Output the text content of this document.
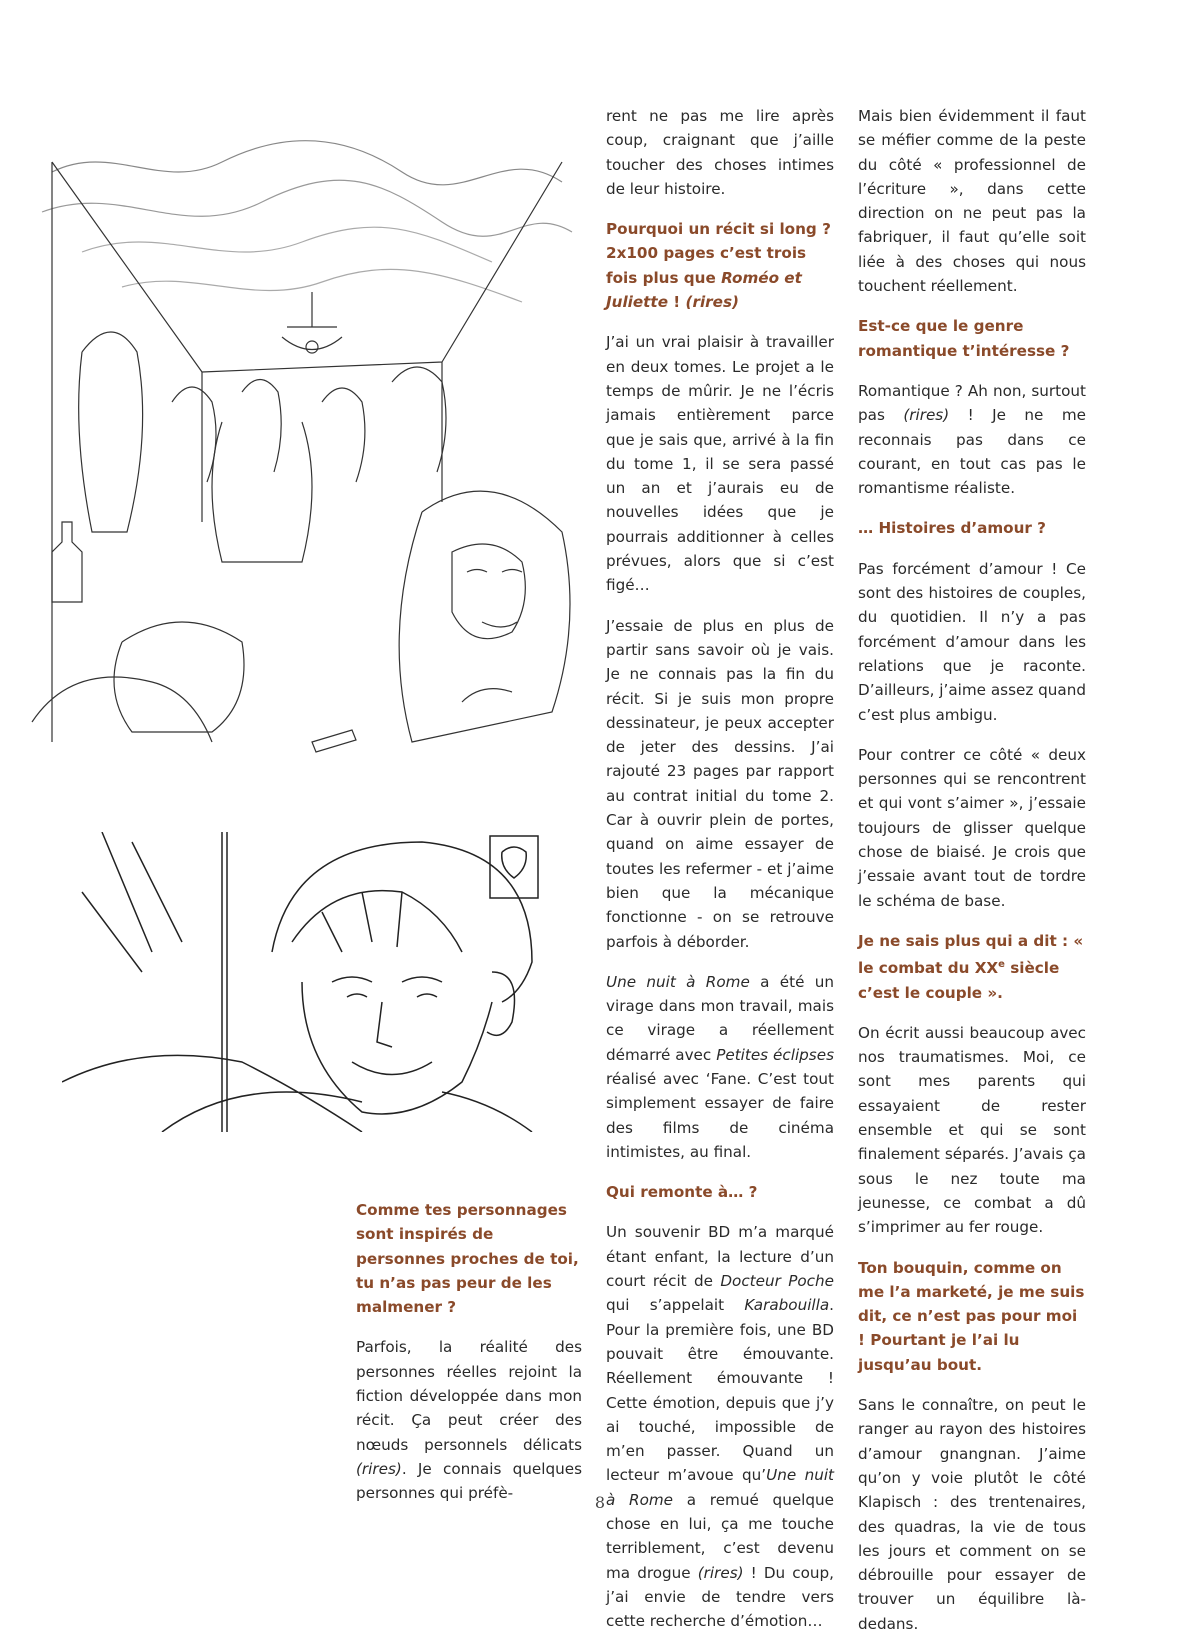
Comme tes personnages sont inspirés de personnes proches de toi, tu n’as pas peur de les malmener ?

Parfois, la réalité des personnes réelles rejoint la fiction développée dans mon récit. Ça peut créer des nœuds personnels délicats (rires). Je connais quelques personnes qui préfè-

rent ne pas me lire après coup, craignant que j’aille toucher des choses intimes de leur histoire.

Pourquoi un récit si long ? 2x100 pages c’est trois fois plus que Roméo et Juliette ! (rires)

J’ai un vrai plaisir à travailler en deux tomes. Le projet a le temps de mûrir. Je ne l’écris jamais entièrement parce que je sais que, arrivé à la fin du tome 1, il se sera passé un an et j’aurais eu de nouvelles idées que je pourrais additionner à celles prévues, alors que si c’est figé…

J’essaie de plus en plus de partir sans savoir où je vais. Je ne connais pas la fin du récit. Si je suis mon propre dessinateur, je peux accepter de jeter des dessins. J’ai rajouté 23 pages par rapport au contrat initial du tome 2. Car à ouvrir plein de portes, quand on aime essayer de toutes les refermer - et j’aime bien que la mécanique fonctionne - on se retrouve parfois à déborder.

Une nuit à Rome a été un virage dans mon travail, mais ce virage a réellement démarré avec Petites éclipses réalisé avec ‘Fane. C’est tout simplement essayer de faire des films de cinéma intimistes, au final.

Qui remonte à… ?

Un souvenir BD m’a marqué étant enfant, la lecture d’un court récit de Docteur Poche qui s’appelait Karabouilla. Pour la première fois, une BD pouvait être émouvante. Réellement émouvante ! Cette émotion, depuis que j’y ai touché, impossible de m’en passer. Quand un lecteur m’avoue qu’Une nuit à Rome a remué quelque chose en lui, ça me touche terriblement, c’est devenu ma drogue (rires) ! Du coup, j’ai envie de tendre vers cette recherche d’émotion…

Mais bien évidemment il faut se méfier comme de la peste du côté « professionnel de l’écriture », dans cette direction on ne peut pas la fabriquer, il faut qu’elle soit liée à des choses qui nous touchent réellement.

Est-ce que le genre romantique t’intéresse ?

Romantique ? Ah non, surtout pas (rires) ! Je ne me reconnais pas dans ce courant, en tout cas pas le romantisme réaliste.

… Histoires d’amour ?

Pas forcément d’amour ! Ce sont des histoires de couples, du quotidien. Il n’y a pas forcément d’amour dans les relations que je raconte. D’ailleurs, j’aime assez quand c’est plus ambigu.

Pour contrer ce côté « deux personnes qui se rencontrent et qui vont s’aimer », j’essaie toujours de glisser quelque chose de biaisé. Je crois que j’essaie avant tout de tordre le schéma de base.

Je ne sais plus qui a dit : « le combat du XXe siècle c’est le couple ».

On écrit aussi beaucoup avec nos traumatismes. Moi, ce sont mes parents qui essayaient de rester ensemble et qui se sont finalement séparés. J’avais ça sous le nez toute ma jeunesse, ce combat a dû s’imprimer au fer rouge.

Ton bouquin, comme on me l’a marketé, je me suis dit, ce n’est pas pour moi ! Pourtant je l’ai lu jusqu’au bout.

Sans le connaître, on peut le ranger au rayon des histoires d’amour gnangnan. J’aime qu’on y voie plutôt le côté Klapisch : des trentenaires, des quadras, la vie de tous les jours et comment on se débrouille pour essayer de trouver un équilibre là-dedans.

8
